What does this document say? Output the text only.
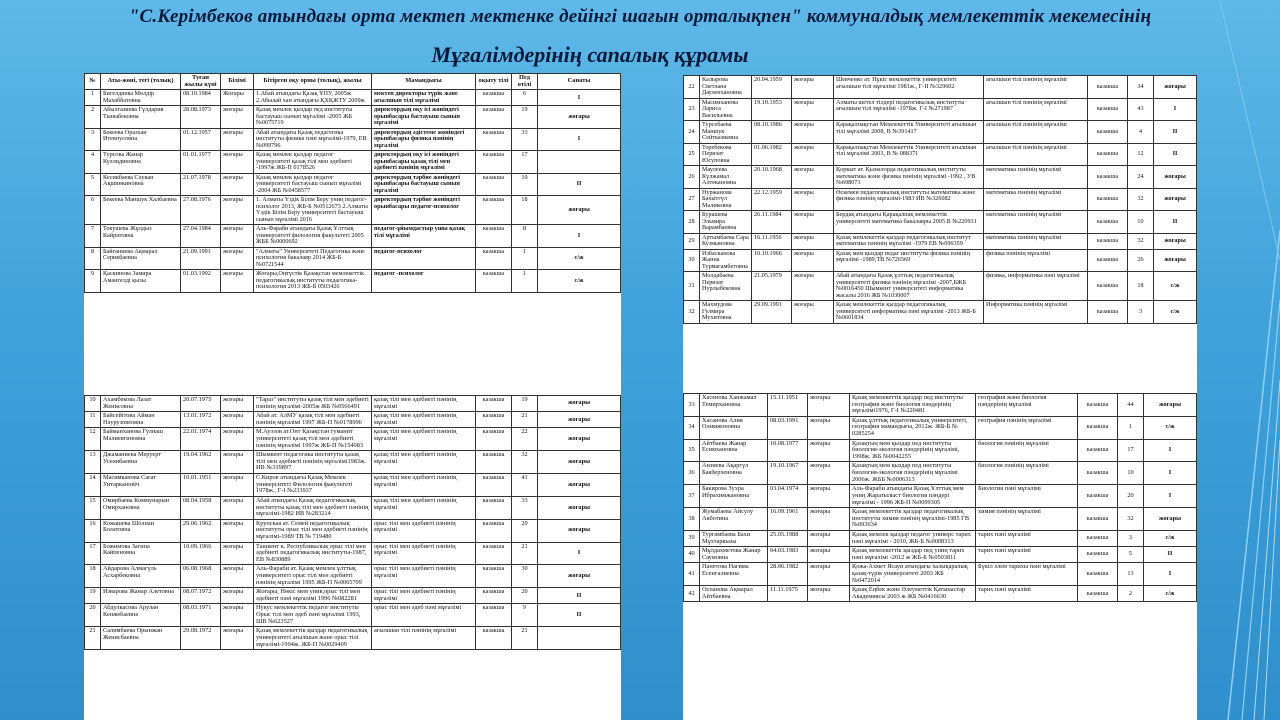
"С.Керімбеков атындағы орта мектеп мектенке дейінгі шағын орталықпен" коммуналдық мемлекеттік мекемесінің
Мұғалімдерінің сапалық құрамы
№	Аты-жөні, тегі (толық)	Туған жылы күні	Білімі	Бітірген оқу орны (толық), жылы	Мамандығы	оқыту тілі	Пед өтілі	Санаты
1	Бигелдиева Мөлдір Махаббатовна	08.10.1984	Жоғары	1.Абай атындағы Қазақ ҰПУ, 2005ж 2.Абылай хан атындағы ҚХҚЖТУ 2009ж	мектеп директоры түрік және ағылшын тілі мұғалімі	казакша	6	I
2	Абылгазиева Гүлдария Тыныбековна	28.08.1973	жоғары	Қазақ мемлек қыздар пед институты бастауыш сынып мұғалімі -2005 ЖБ №0075719	директордың оқу ісі жөніндегі орынбасары бастауыш сынып мұғалімі	казакша	19	жоғары
3	Бекеева Оразхан Итевпусовна	01.12.1957	жоғары	Абай атындағы Қазақ педагогика институты физика пәні мұғалімі-1979, ЕВ №099796	директордың әдістеме жөніндегі орынбасары физика пәнінің мұғалімі	казакша	33	I
4	Турсова Жанар Куллидиновна	01.01.1977	жоғары	Қазақ мемлек қыздар педагог университеті қазақ тілі мен әдебиеті -1997ж ЖБ-П 0178526	директордың оқу ісі жөніндегі орынбасары қазақ тілі мен әдебиеті пәнінің мұғалімі	казакша	17	
5	Кесикбаева Сәукан Ақшинкиновна	21.07.1978	жоғары	Қазақ мемлек қыздар педагог университеті бастауыш сынып мұғалімі -2004 ЖБ №0458577	директордың тәрбие жөніндегі орынбасары бастауыш сынып мұғалімі	казакша	10	II
6	Бекеева Маншук Халбаевна	27.08.1976	жоғары	1. Алматы Үздік Білім Беру униң педагог-психолог 2013, ЖБ-Б №0512673 2.Алматы Үздік Білім Беру университеті бастауыш сынып мұғалімі 2016	директордың тәрбие жөніндегі орынбасары педагог-психолог	казакша	18	жоғары
7	Токушева Жұлдыз Кайратовна	27.04.1984	жоғары	Аль-Фараби атындағы Қазақ Ұлттық университеті филология факультеті 2005 ЖББ №0000692	педагог-ұйымдастыр ушы қазақ тілі мұғалімі	казакша	8	I
8	Байганиева Ақмарал Серикбаевна	21.09.1991	жоғары	"Алматы" Университеті Педагогика және психология бакалавр 2014 ЖБ-Б №0721544	педагог-психолог	казакша	1	с/ж
9	Қаскинова Замира Амангелді қызы	01.03.1992	жоғары	Жоғары,Оңтүстік Қазақстан мемлекеттік педагогикалық институты педагогика-психология 2013 ЖБ-Б 0503426	педагог -психолог	казакша	1	с/ж
10	Ахамбекова Лазат Женисовна	20.07.1975	жоғары	"Тараз" институты қазақ тілі мен әдебиеті пәнінің мұғалімі-2005ж ЖБ №0566491	қазақ тілі мен әдебиеті пәнінің мұғалімі	казакша	19	жоғары
11	Байсейітова Айман Нәурузовеовна	13.01.1972	жоғары	Абай ат. АлМУ қазақ тілі мен әдебиеті пәнінің мұғалімі 1997 ЖБ-П №0178996	қазақ тілі мен әдебиеті пәнінің мұғалімі	казакша	21	жоғары
12	Байманханова Гулнаш Мәлиевгиновна	22.01.1974	жоғары	М.Ауэзов ат.Онт Қазақстан гуманит университеті қазақ тілі мен әдебиеті пәнінің мұғалімі 1997ж ЖБ-П №154083	қазақ тілі мен әдебиеті пәнінің мұғалімі	казакша	22	жоғары
13	Джаманиева Меруерт Усенибаевна	19.04.1962	жоғары	Шымкент педагогика институты қазақ тілі мен әдебиеті пәнінің мұғалімі1983ж. ИВ №319897	қазақ тілі мен әдебиеті пәнінің мұғалімі	казакша	32	жоғары
14	Масимканова Сағат Уитаркановіч	10.01.1951	жоғары	С.Киров атындағы Қазақ Мемлек университеті Филология факультеті 1978ж., Г-I №233937	қазақ тілі мен әдебиеті пәнінің мұғалімі	казакша	41	жоғары
15	Омирбаева Коммунарын Омирхановна	08.04.1958	жоғары	Абай атындағы Қазақ педагогикалық институты қазақ тілі мен әдебиеті пәнінің мұғалімі-1982 ИВ №283214	қазақ тілі мен әдебиеті пәнінің мұғалімі	казакша	33	жоғары
16	Кожашева Шолпан Болатовна	29.06.1962	жоғары	Крупская ат. Семей педагогикалық институты орыс тілі мен әдебиеті пәнінің мұғалімі-1989 ТВ № 719480	орыс тілі мен әдебиеті пәнінің мұғалімі	казакша	29	жоғары
17	Божимова Загипа Кайпеновна	10.09.1966	жоғары	Ташкент к. Республикалық орыс тілі мен әдебиеті педагогикалық институты-1987, ЕВ №830889	орыс тілі мен әдебиеті пәнінің мұғалімі	казакша	21	I
18	Айдарова Алмагүль Асхарбековна	06.08.1968	жоғары	Аль-Фараби ат. Қазақ мемлек ұлттық университеті орыс тілі мен әдебиеті пәнінің мұғалімі 1995 ЖБ-П №0065709	орыс тілі мен әдебиеті пәнінің мұғалімі	казакша	30	жоғары
19	Изварова Жанар Алетовна	08.07.1972	жоғары	Жоғары, Нөкіс мем унив,орыс тілі мен әдебиеті пәні мұғалімі 1996 №082281	орыс тілі мен әдебиеті пәнінің мұғалімі	казакша	20	II
20	Абдулкасова Арулан Кенжебаевна	08.03.1971	жоғары	Нукус мемлекеттік педагог институты Орыс тілі мен әдеб пәні мұғалімі 1993, ШВ №623527	орыс тілі мен әдеб пәні мұғалімі	казакша	9	II
21	Салимбаева Орынжан Женисбаевна	29.08.1972	жоғары	Қазақ мемлекеттік қыздар педагогикалық университеті ағылшын және орыс тілі мұғалімі-1994ж. ЖБ-П №0029409	ағылшын тілі пәнінің мұғалімі	казакша	21	
22	Калырова Светлана Дауленхановна	20.04.1959	жоғары	Шевченко ат. Нұкіс мемлекеттік университеті ағылшын тілі мұғалімі 1981ж., Г-II №329602	ағылшын тілі пәнінің мұғалімі	казакша	34	жоғары
23	Масимханова Лариса Васильевна	19.10.1953	жоғары	Алматы шетел тілдері педагогикалық институты ағылшын тілі мұғалімі -1978ж. Г-I №271987	ағылшын тілі пәнінің мұғалімі	казакша	43	I
24	Турсебаева Маншук Сейтказиевна	08.10.1986	жоғары	Қарақалпақстан Мемлекеттік Университеті ағылшын тілі мұғалімі 2008, В №391417	ағылшын тілі пәнінің мұғалімі	казакша	4	II
25	Торебекова Перизат Юсуповна	01.06.1982	жоғары	Қарақалпақстан Мемлекеттік Университеті ағылшын тілі мұғалімі 2003, В № 088371	ағылшын тілі пәнінің мұғалімі	казакша	12	II
26	Маулеева Күлжамал Алтекановна	20.10.1968	жоғары	Қоркыт ат. Қызылорда педагогикалық институты математика және физика пәнінің мұғалімі -1992 , УВ №698073	математика пәнінің мұғалімі	казакша	24	жоғары
27	Нуржанова Бахытгүл Маликовна	22.12.1959	жоғары	Өскемен педагогикалық институты математика және физика пәнінің мұғалімі-1983 ИВ №326082	математика пәнінің мұғалімі	казакша	32	жоғары
28	Бурашева Эльмира Варамбаевна	26.11.1984	жоғары	Бердақ атындағы Қарақалпақ мемлекеттік университеті математика бакалавры 2005 В №220931	математика пәнінің мұғалімі	казакша	10	II
29	Артымбаева Сара Кузмыновна	16.11.1956	жоғары	Қазақ мемлекеттік қыздар педагогикалық институт математика пәнінің мұғалімі -1979 ЕВ №096359	математика пәнінің мұғалімі	казакша	32	жоғары
30	Избасканова Жанна Турмагамбетовна	10.10.1966	жоғары	Қазақ мем қыздар педаг институты физика пәнінің мұғалімі -1989,ТВ №726569	физика пәнінің мұғалімі	казакша	26	жоғары
31	Молдабаева Перизат Нурлыбековна	21.05.1979	жоғары	Абай атындағы Қазақ ұлттық педагогикалық университеті физика пәнінің мұғалімі -2007,БЖБ №0016450 Шымкент университеті информатика жасалы 2016 ЖБ №1030007	физика, информатика пәні мұғалімі	казакша	18	с/ж
32	Махмудова Гулмира Мухитовна	29.09.1991	жоғары	Қазақ мемлекеттік қыздар педагогикалық университеті информатика пәні мұғалімі -2013 ЖБ-Б №0601834	Информатика пәнінің мұғалімі	казакша	3	с/ж
33	Хасенова Ханжамал Темирхановна	15.11.1951	жоғары	Қазақ мемлекеттік қыздар пед институты география және биология пәндерінің мұғалімі1976, Г-I №220481	география және биология пәндерінің мұғалімі	казакша	44	жоғары
34	Хасанова Алия Олимжоновна	08.03.1991	жоғары	Қазақ ұлттық педагогикалық университеті, география мамандығы, 2012ж. ЖБ-Б № 0285254	география пәнінің мұғалімі	казакша	1	с/ж
35	Айтбаева Жанар Есимхановна	10.08.1977	жоғары	Қазақтың мем қыздар пед институты биология-экология пәндерінің мұғалімі, 1998ж. ЖБ №0042255	биология пәнінің мұғалімі	казакша	17	I
36	Анзиева Ақаргүл Бакберхеновна	19.10.1967	жоғары	Қазақтың мем қыздар пед институты биология-экология пәндерінің мұғалімі 2006ж. ЖББ №0006313	биология пәнінің мұғалімі	казакша	10	I
37	Бакирова Зухра Ибрахимжановна	03.04.1974	жоғары	Аль-Фараби атындағы Қазақ Ұлттық мем униң Жаратылыст биология пәндері мұғалімі - 1996 ЖБ-П №0099305	Биология пәні мұғалімі	казакша	20	I
38	Жумабаева Айсулу Акботина	16.09.1961	жоғары	Қазақ мемлекеттік қыздар педагогикалық институты химия пәнінің мұғалімі-1985 ГВ №093634	химия пәнінің мұғалімі	казакша	32	жоғары
39	Тургамбаева Бахи Мұхтаркызы	25.05.1988	жоғары	Қазақ мемлек қыздар педагог универс тарих пәні мұғалімі - 2010, ЖБ-Б №0008313	тарих пәні мұғалімі	казакша	3	с/ж
40	Мұлдахметова Жанар Саумовна	04.03.1983	жоғары	Қазақ мемлекеттік қыздар пед униң тарих пәні мұғалімі -2012 ж ЖБ-Б №0503811	тарих пәні мұғалімі	казакша	5	II
41	Панетова Нагима Есенгалиевна	28.06.1982	жоғары	Қожа-Ахмет Ясауи атындағы халықаралық қазақ-түрік университеті 2003 ЖБ №0472014	Бүкіл әлем тарихы пәні мұғалімі	казакша	13	I
42	Оспанова Ақмарал Айтбаевна	11.11.1975	жоғары	Қазақ Еңбек және Әлеуметтік Қатынастар Академиясы 2003 ж ЖБ №0416630	тарих пәні мұғалімі	казакша	2	с/ж
